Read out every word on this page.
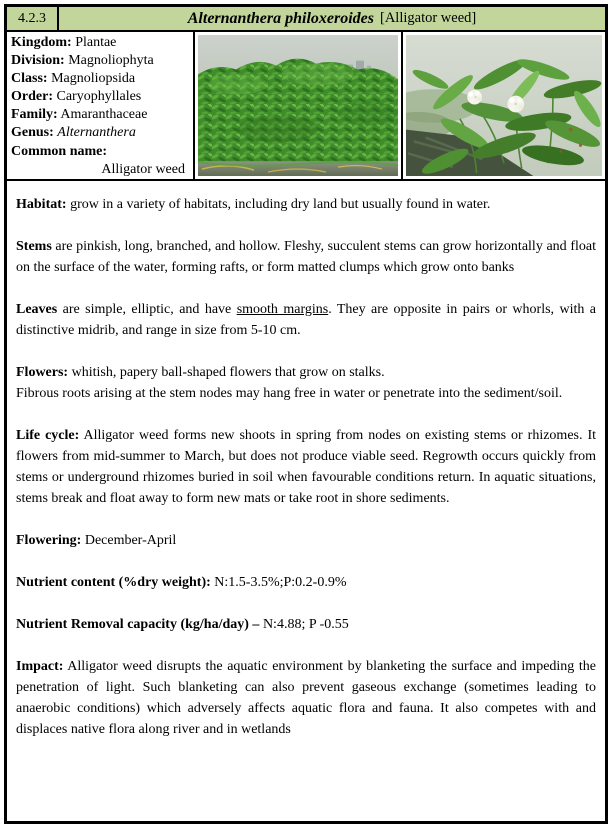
4.2.3	Alternanthera philoxeroides [Alligator weed]
Kingdom: Plantae
Division: Magnoliophyta
Class: Magnoliopsida
Order: Caryophyllales
Family: Amaranthaceae
Genus: Alternanthera
Common name:
Alligator weed

Habitat: grow in a variety of habitats, including dry land but usually found in water.

Stems are pinkish, long, branched, and hollow. Fleshy, succulent stems can grow horizontally and float on the surface of the water, forming rafts, or form matted clumps which grow onto banks

Leaves are simple, elliptic, and have smooth margins. They are opposite in pairs or whorls, with a distinctive midrib, and range in size from 5-10 cm.

Flowers: whitish, papery ball-shaped flowers that grow on stalks.

Fibrous roots arising at the stem nodes may hang free in water or penetrate into the sediment/soil.

Life cycle: Alligator weed forms new shoots in spring from nodes on existing stems or rhizomes. It flowers from mid-summer to March, but does not produce viable seed. Regrowth occurs quickly from stems or underground rhizomes buried in soil when favourable conditions return. In aquatic situations, stems break and float away to form new mats or take root in shore sediments.

Flowering: December-April

Nutrient content (%dry weight): N:1.5-3.5%;P:0.2-0.9%

Nutrient Removal capacity (kg/ha/day) – N:4.88; P -0.55

Impact: Alligator weed disrupts the aquatic environment by blanketing the surface and impeding the penetration of light. Such blanketing can also prevent gaseous exchange (sometimes leading to anaerobic conditions) which adversely affects aquatic flora and fauna. It also competes with and displaces native flora along river and in wetlands
